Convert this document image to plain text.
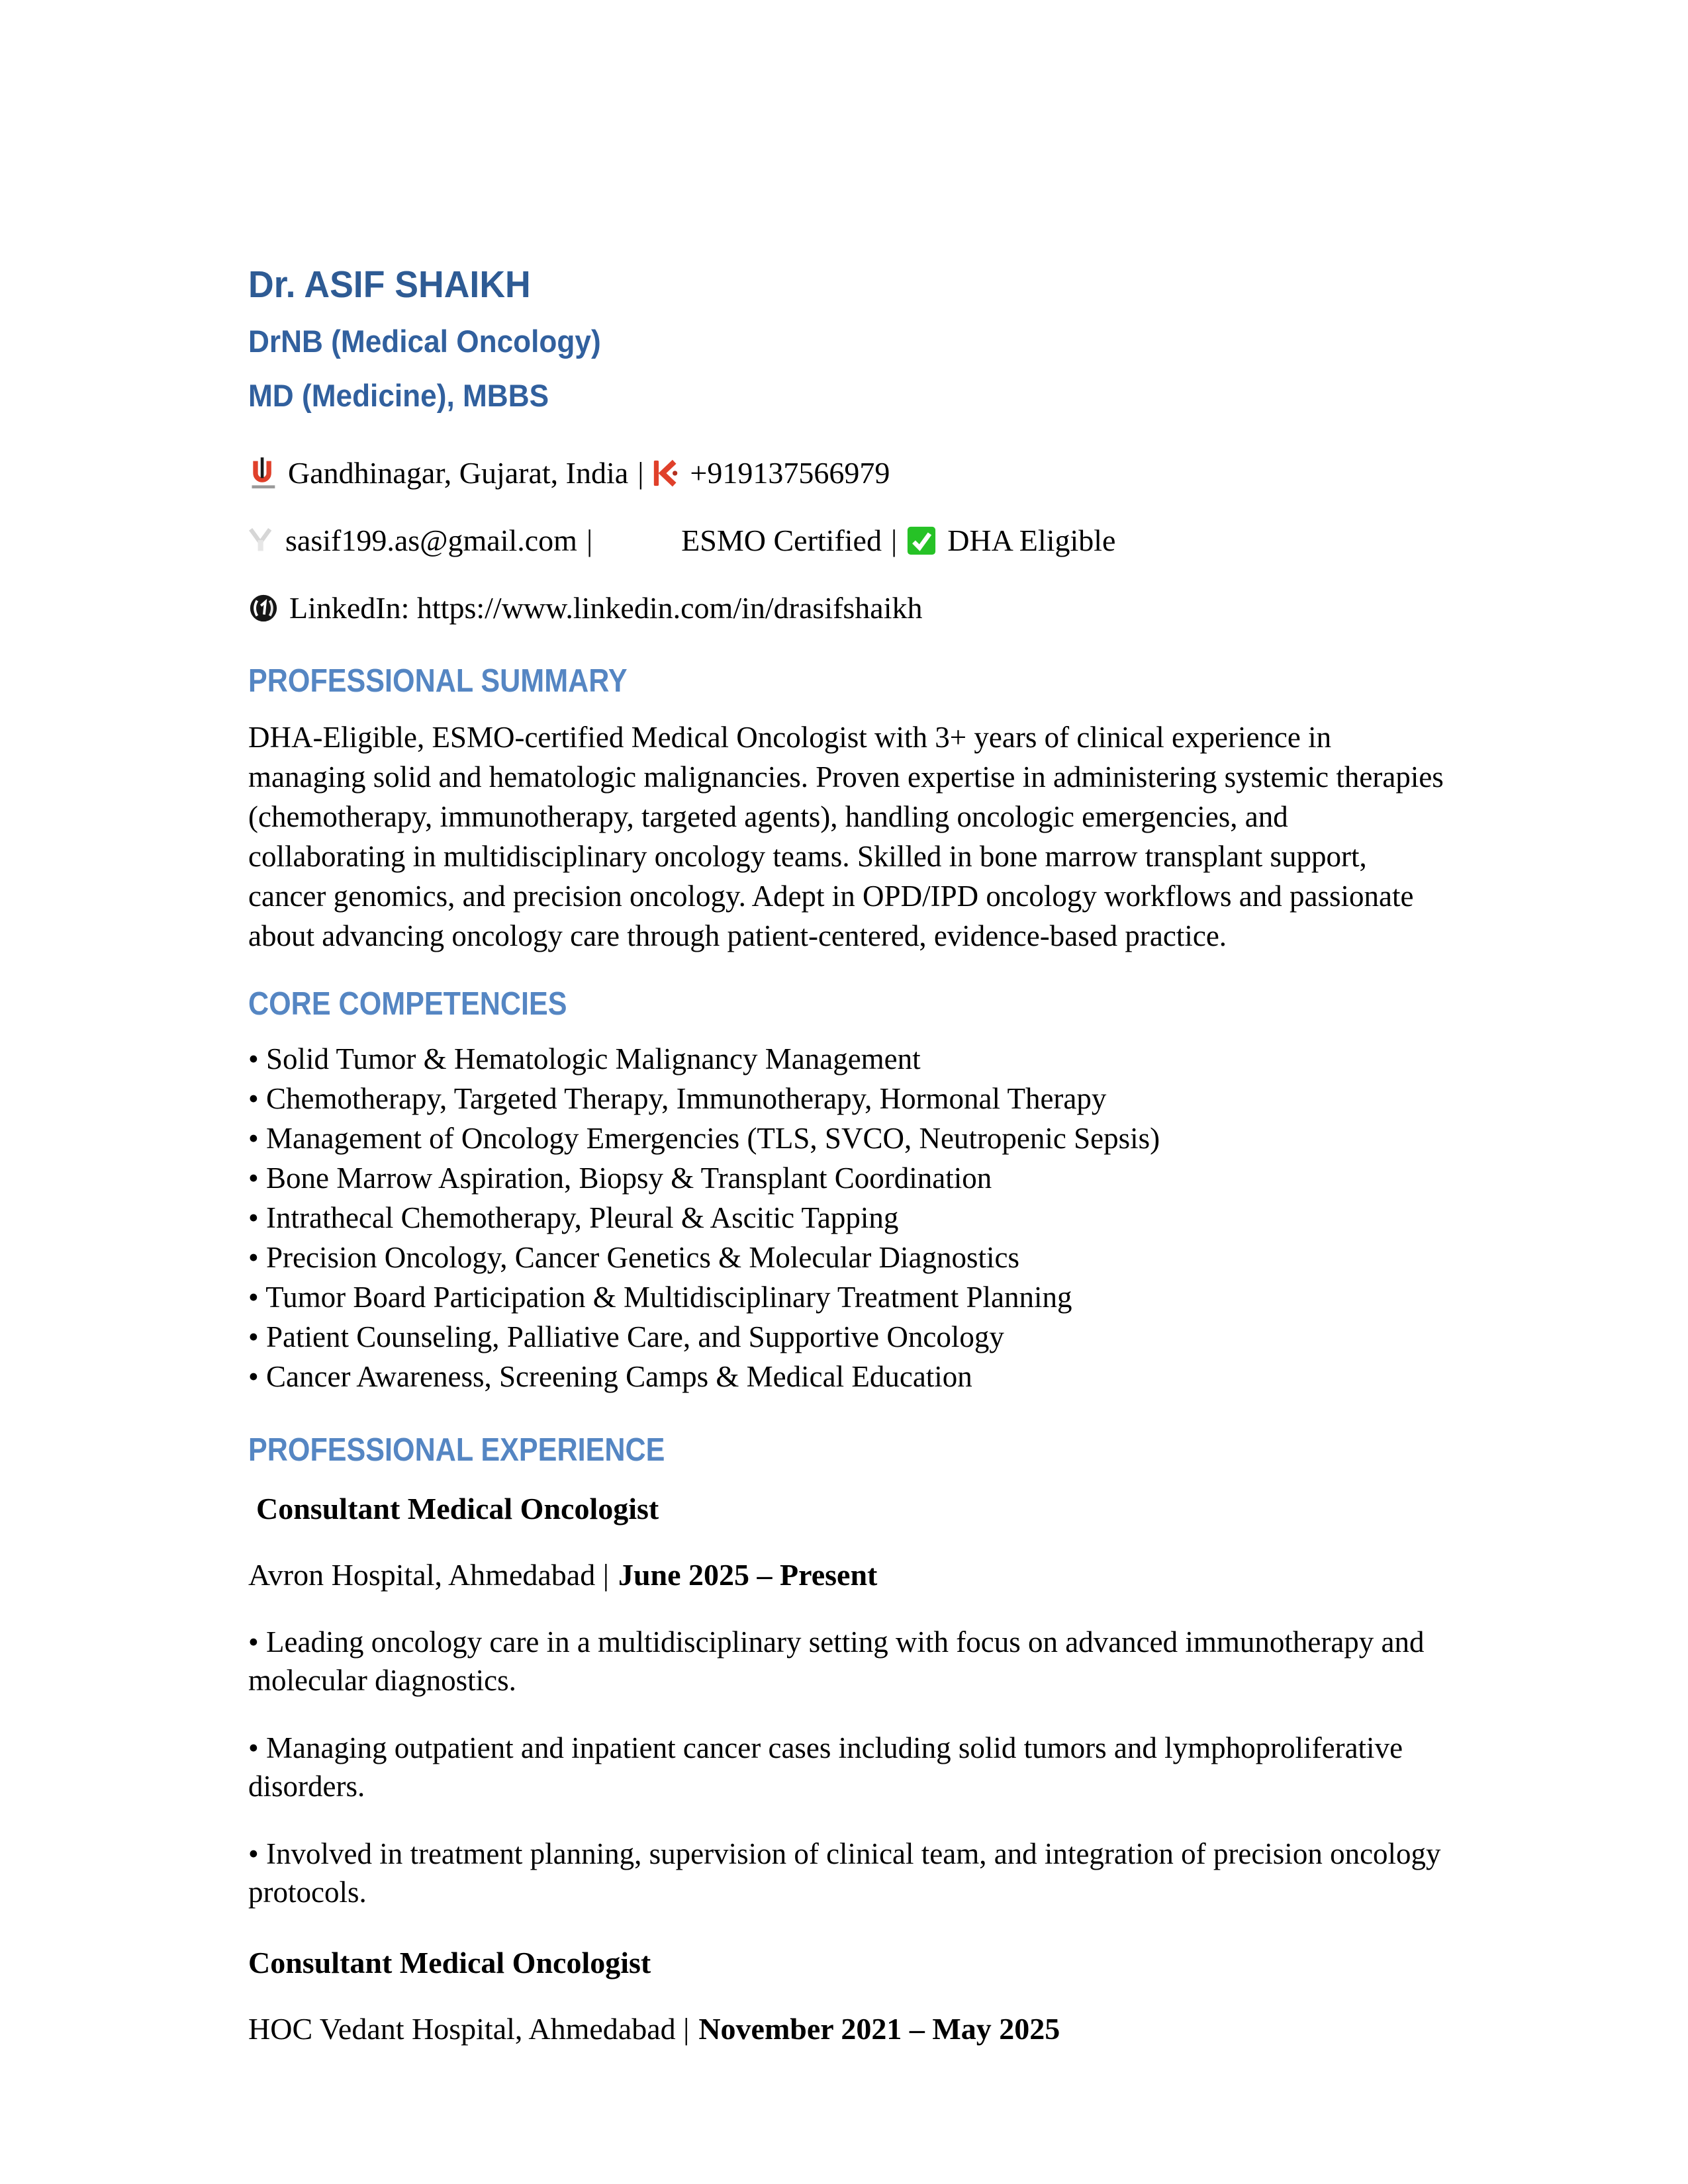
Dr. ASIF SHAIKH
DrNB (Medical Oncology)
MD (Medicine), MBBS
Gandhinagar, Gujarat, India |	+919137566979
sasif199.as@gmail.com |	ESMO Certified |	DHA Eligible
LinkedIn: https://www.linkedin.com/in/drasifshaikh
PROFESSIONAL SUMMARY
DHA-Eligible, ESMO-certified Medical Oncologist with 3+ years of clinical experience in managing solid and hematologic malignancies. Proven expertise in administering systemic therapies (chemotherapy, immunotherapy, targeted agents), handling oncologic emergencies, and collaborating in multidisciplinary oncology teams. Skilled in bone marrow transplant support, cancer genomics, and precision oncology. Adept in OPD/IPD oncology workflows and passionate about advancing oncology care through patient-centered, evidence-based practice.
CORE COMPETENCIES
• Solid Tumor & Hematologic Malignancy Management
• Chemotherapy, Targeted Therapy, Immunotherapy, Hormonal Therapy
• Management of Oncology Emergencies (TLS, SVCO, Neutropenic Sepsis)
• Bone Marrow Aspiration, Biopsy & Transplant Coordination
• Intrathecal Chemotherapy, Pleural & Ascitic Tapping
• Precision Oncology, Cancer Genetics & Molecular Diagnostics
• Tumor Board Participation & Multidisciplinary Treatment Planning
• Patient Counseling, Palliative Care, and Supportive Oncology
• Cancer Awareness, Screening Camps & Medical Education
PROFESSIONAL EXPERIENCE
Consultant Medical Oncologist
Avron Hospital, Ahmedabad | June 2025 – Present
• Leading oncology care in a multidisciplinary setting with focus on advanced immunotherapy and molecular diagnostics.
• Managing outpatient and inpatient cancer cases including solid tumors and lymphoproliferative disorders.
• Involved in treatment planning, supervision of clinical team, and integration of precision oncology protocols.
Consultant Medical Oncologist
HOC Vedant Hospital, Ahmedabad | November 2021 – May 2025
